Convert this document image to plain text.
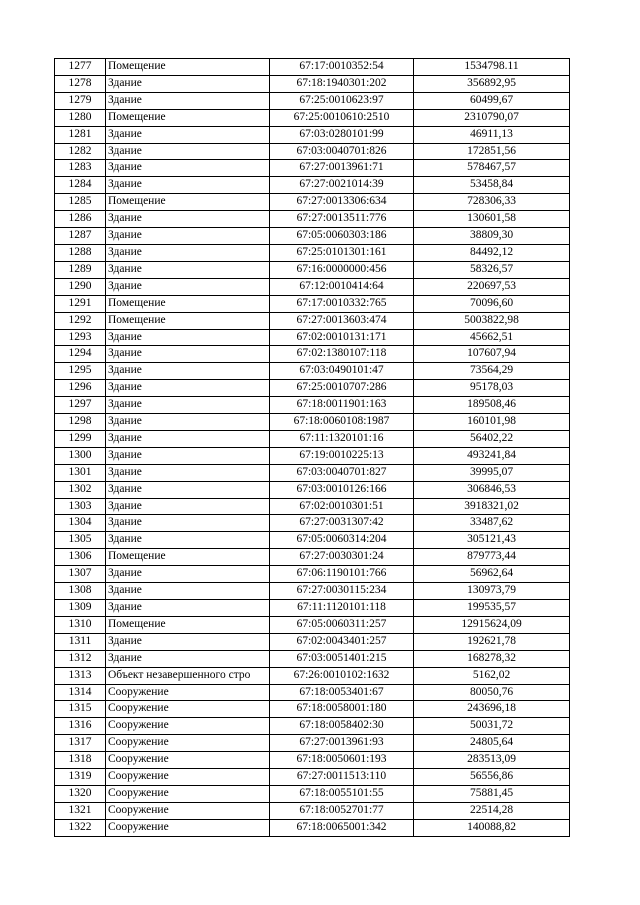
1277	Помещение	67:17:0010352:54	1534798.11
1278	Здание	67:18:1940301:202	356892,95
1279	Здание	67:25:0010623:97	60499,67
1280	Помещение	67:25:0010610:2510	2310790,07
1281	Здание	67:03:0280101:99	46911,13
1282	Здание	67:03:0040701:826	172851,56
1283	Здание	67:27:0013961:71	578467,57
1284	Здание	67:27:0021014:39	53458,84
1285	Помещение	67:27:0013306:634	728306,33
1286	Здание	67:27:0013511:776	130601,58
1287	Здание	67:05:0060303:186	38809,30
1288	Здание	67:25:0101301:161	84492,12
1289	Здание	67:16:0000000:456	58326,57
1290	Здание	67:12:0010414:64	220697,53
1291	Помещение	67:17:0010332:765	70096,60
1292	Помещение	67:27:0013603:474	5003822,98
1293	Здание	67:02:0010131:171	45662,51
1294	Здание	67:02:1380107:118	107607,94
1295	Здание	67:03:0490101:47	73564,29
1296	Здание	67:25:0010707:286	95178,03
1297	Здание	67:18:0011901:163	189508,46
1298	Здание	67:18:0060108:1987	160101,98
1299	Здание	67:11:1320101:16	56402,22
1300	Здание	67:19:0010225:13	493241,84
1301	Здание	67:03:0040701:827	39995,07
1302	Здание	67:03:0010126:166	306846,53
1303	Здание	67:02:0010301:51	3918321,02
1304	Здание	67:27:0031307:42	33487,62
1305	Здание	67:05:0060314:204	305121,43
1306	Помещение	67:27:0030301:24	879773,44
1307	Здание	67:06:1190101:766	56962,64
1308	Здание	67:27:0030115:234	130973,79
1309	Здание	67:11:1120101:118	199535,57
1310	Помещение	67:05:0060311:257	12915624,09
1311	Здание	67:02:0043401:257	192621,78
1312	Здание	67:03:0051401:215	168278,32
1313	Объект незавершенного стро	67:26:0010102:1632	5162,02
1314	Сооружение	67:18:0053401:67	80050,76
1315	Сооружение	67:18:0058001:180	243696,18
1316	Сооружение	67:18:0058402:30	50031,72
1317	Сооружение	67:27:0013961:93	24805,64
1318	Сооружение	67:18:0050601:193	283513,09
1319	Сооружение	67:27:0011513:110	56556,86
1320	Сооружение	67:18:0055101:55	75881,45
1321	Сооружение	67:18:0052701:77	22514,28
1322	Сооружение	67:18:0065001:342	140088,82
